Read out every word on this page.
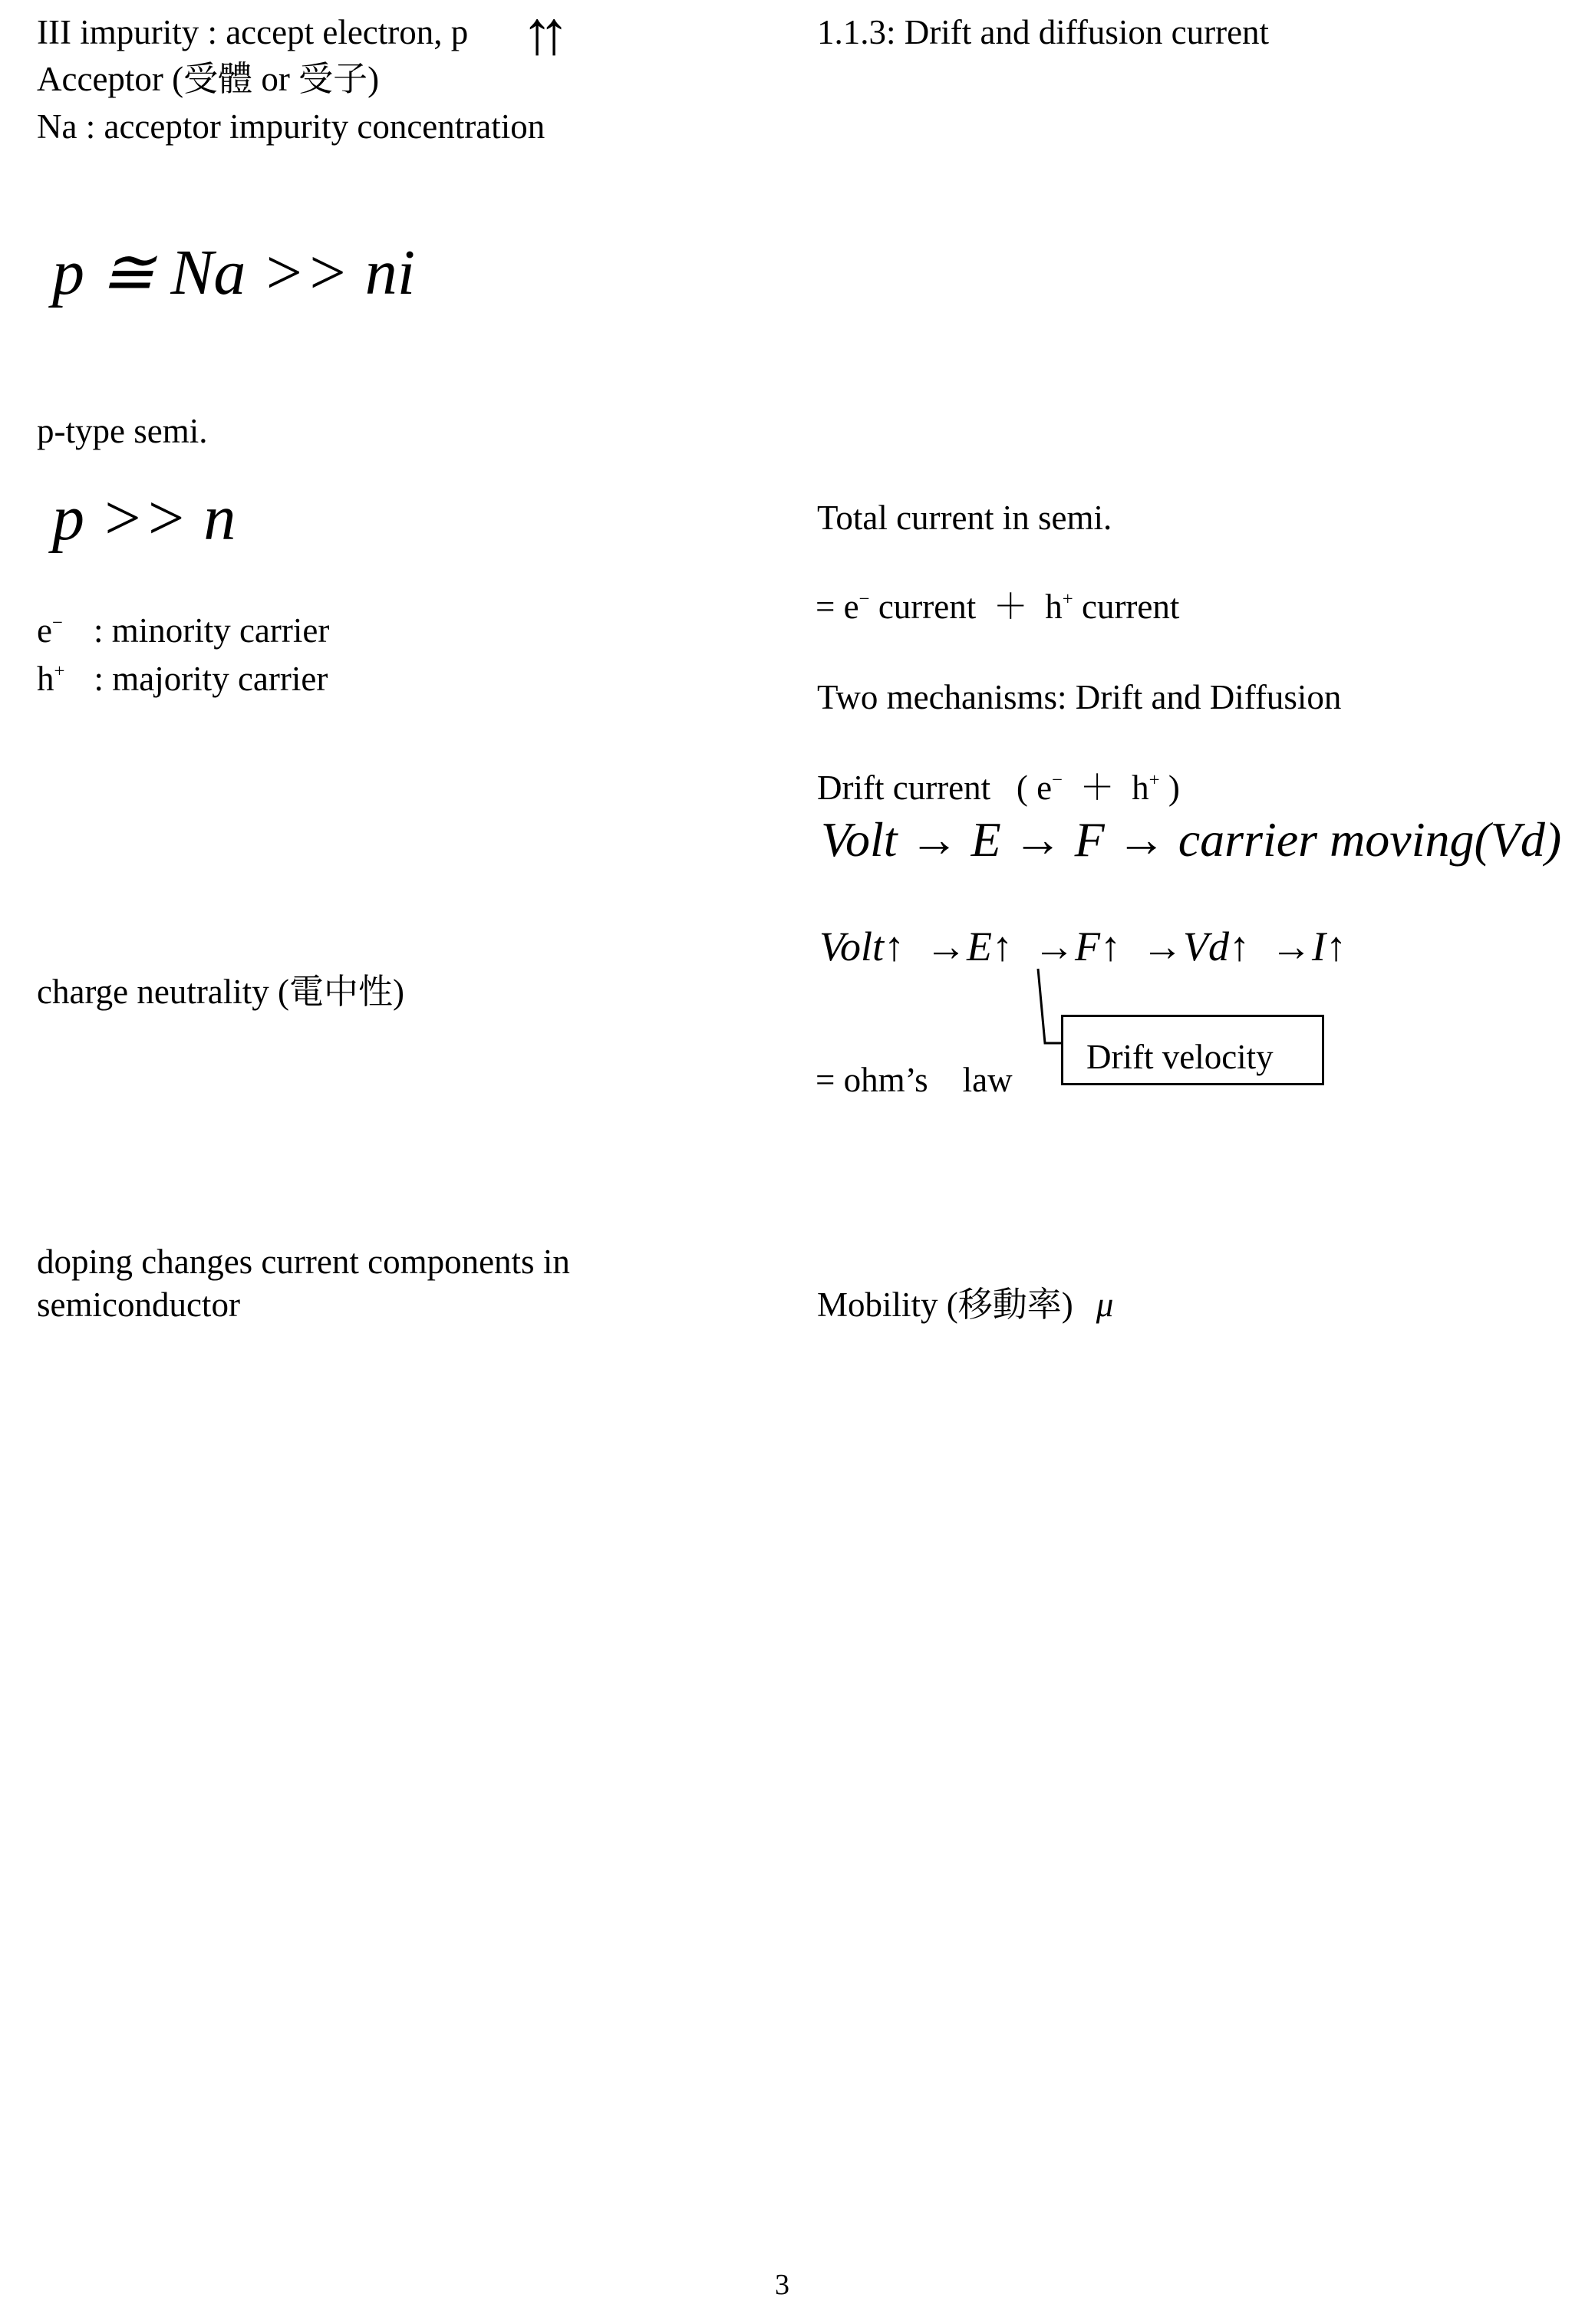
III impurity : accept electron, p ↑↑
Acceptor (受體 or 受子)
Na : acceptor impurity concentration
p ≅ Na >> ni
p-type semi.
p >> n
e− : minority carrier
h+ : majority carrier
charge neutrality (電中性)
doping changes current components in
semiconductor
1.1.3: Drift and diffusion current
Total current in semi.
= e− current  ＋  h+ current
Two mechanisms: Drift and Diffusion
Drift current   ( e−  ＋  h+ )
Volt → E → F → carrier moving(Vd)
Volt↑  →E↑  →F↑  →Vd↑  →I↑
Drift velocity
= ohm’s    law
Mobility (移動率) μ
3
